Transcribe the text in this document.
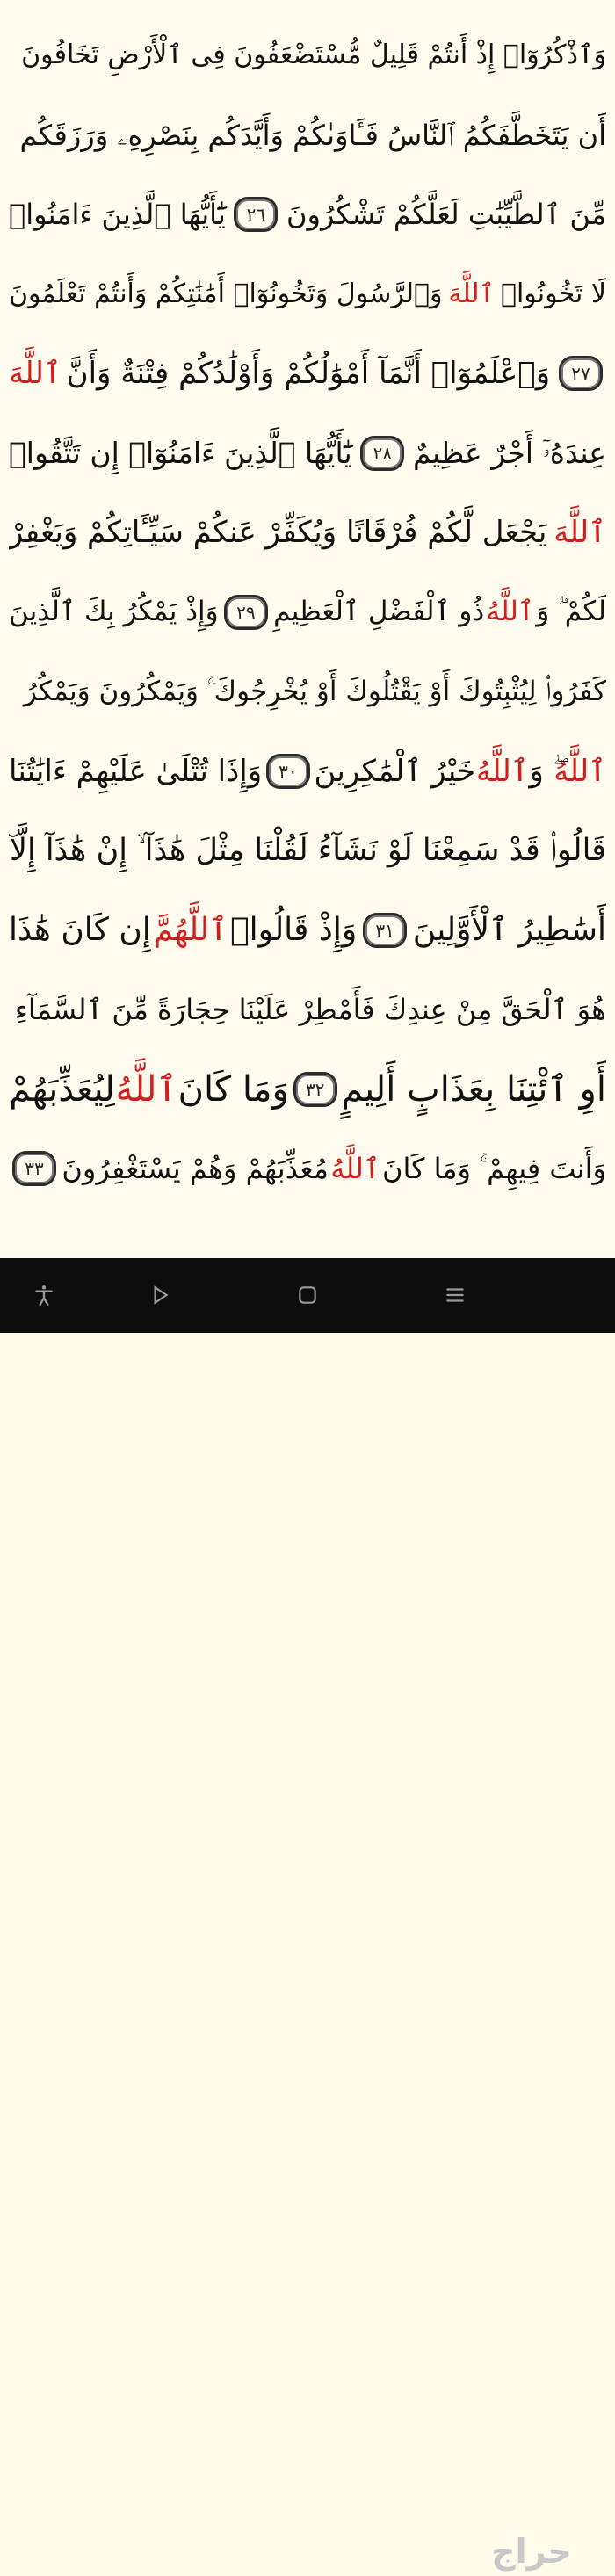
وَٱذْكُرُوٓا۟ إِذْ أَنتُمْ قَلِيلٌ مُّسْتَضْعَفُونَ فِى ٱلْأَرْضِ تَخَافُونَ
أَن يَتَخَطَّفَكُمُ ٱلنَّاسُ فَـَٔاوَىٰكُمْ وَأَيَّدَكُم بِنَصْرِهِۦ وَرَزَقَكُم
مِّنَ ٱلطَّيِّبَٰتِ لَعَلَّكُمْ تَشْكُرُونَ
٢٦
يَٰٓأَيُّهَا ٱلَّذِينَ ءَامَنُوا۟
لَا تَخُونُوا۟
ٱللَّهَ
وَٱلرَّسُولَ وَتَخُونُوٓا۟ أَمَٰنَٰتِكُمْ وَأَنتُمْ تَعْلَمُونَ
٢٧
وَٱعْلَمُوٓا۟ أَنَّمَآ أَمْوَٰلُكُمْ وَأَوْلَٰدُكُمْ فِتْنَةٌ وَأَنَّ
ٱللَّهَ
عِندَهُۥٓ أَجْرٌ عَظِيمٌ
٢٨
يَٰٓأَيُّهَا ٱلَّذِينَ ءَامَنُوٓا۟ إِن تَتَّقُوا۟
ٱللَّهَ
يَجْعَل لَّكُمْ فُرْقَانًا وَيُكَفِّرْ عَنكُمْ سَيِّـَٔاتِكُمْ وَيَغْفِرْ
لَكُمْ ۗ وَ
ٱللَّهُ
ذُو ٱلْفَضْلِ ٱلْعَظِيمِ
٢٩
وَإِذْ يَمْكُرُ بِكَ ٱلَّذِينَ
كَفَرُوا۟ لِيُثْبِتُوكَ أَوْ يَقْتُلُوكَ أَوْ يُخْرِجُوكَ ۚ وَيَمْكُرُونَ وَيَمْكُرُ
ٱللَّهُ
ۖ وَ
ٱللَّهُ
خَيْرُ ٱلْمَٰكِرِينَ
٣٠
وَإِذَا تُتْلَىٰ عَلَيْهِمْ ءَايَٰتُنَا
قَالُوا۟ قَدْ سَمِعْنَا لَوْ نَشَآءُ لَقُلْنَا مِثْلَ هَٰذَآ ۙ إِنْ هَٰذَآ إِلَّآ
أَسَٰطِيرُ ٱلْأَوَّلِينَ
٣١
وَإِذْ قَالُوا۟
ٱللَّهُمَّ
إِن كَانَ هَٰذَا
هُوَ ٱلْحَقَّ مِنْ عِندِكَ فَأَمْطِرْ عَلَيْنَا حِجَارَةً مِّنَ ٱلسَّمَآءِ
أَوِ ٱئْتِنَا بِعَذَابٍ أَلِيمٍ
٣٢
وَمَا كَانَ
ٱللَّهُ
لِيُعَذِّبَهُمْ
وَأَنتَ فِيهِمْ ۚ وَمَا كَانَ
ٱللَّهُ
مُعَذِّبَهُمْ وَهُمْ يَسْتَغْفِرُونَ
٣٣
حراج
